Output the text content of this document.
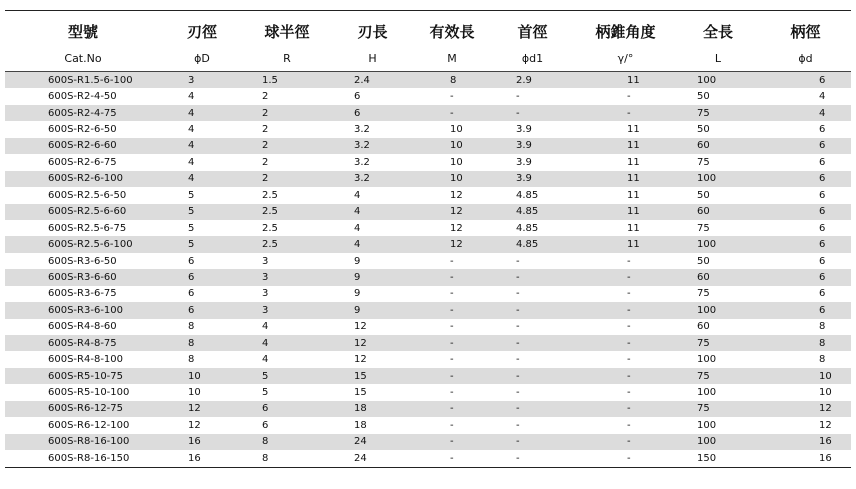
型號	刃徑	球半徑	刃長	有效長	首徑	柄錐角度	全長	柄徑
Cat.No	ϕD	R	H	M	ϕd1	γ/°	L	ϕd
600S-R1.5-6-100	3	1.5	2.4	8	2.9	11	100	6
600S-R2-4-50	4	2	6	-	-	-	50	4
600S-R2-4-75	4	2	6	-	-	-	75	4
600S-R2-6-50	4	2	3.2	10	3.9	11	50	6
600S-R2-6-60	4	2	3.2	10	3.9	11	60	6
600S-R2-6-75	4	2	3.2	10	3.9	11	75	6
600S-R2-6-100	4	2	3.2	10	3.9	11	100	6
600S-R2.5-6-50	5	2.5	4	12	4.85	11	50	6
600S-R2.5-6-60	5	2.5	4	12	4.85	11	60	6
600S-R2.5-6-75	5	2.5	4	12	4.85	11	75	6
600S-R2.5-6-100	5	2.5	4	12	4.85	11	100	6
600S-R3-6-50	6	3	9	-	-	-	50	6
600S-R3-6-60	6	3	9	-	-	-	60	6
600S-R3-6-75	6	3	9	-	-	-	75	6
600S-R3-6-100	6	3	9	-	-	-	100	6
600S-R4-8-60	8	4	12	-	-	-	60	8
600S-R4-8-75	8	4	12	-	-	-	75	8
600S-R4-8-100	8	4	12	-	-	-	100	8
600S-R5-10-75	10	5	15	-	-	-	75	10
600S-R5-10-100	10	5	15	-	-	-	100	10
600S-R6-12-75	12	6	18	-	-	-	75	12
600S-R6-12-100	12	6	18	-	-	-	100	12
600S-R8-16-100	16	8	24	-	-	-	100	16
600S-R8-16-150	16	8	24	-	-	-	150	16
